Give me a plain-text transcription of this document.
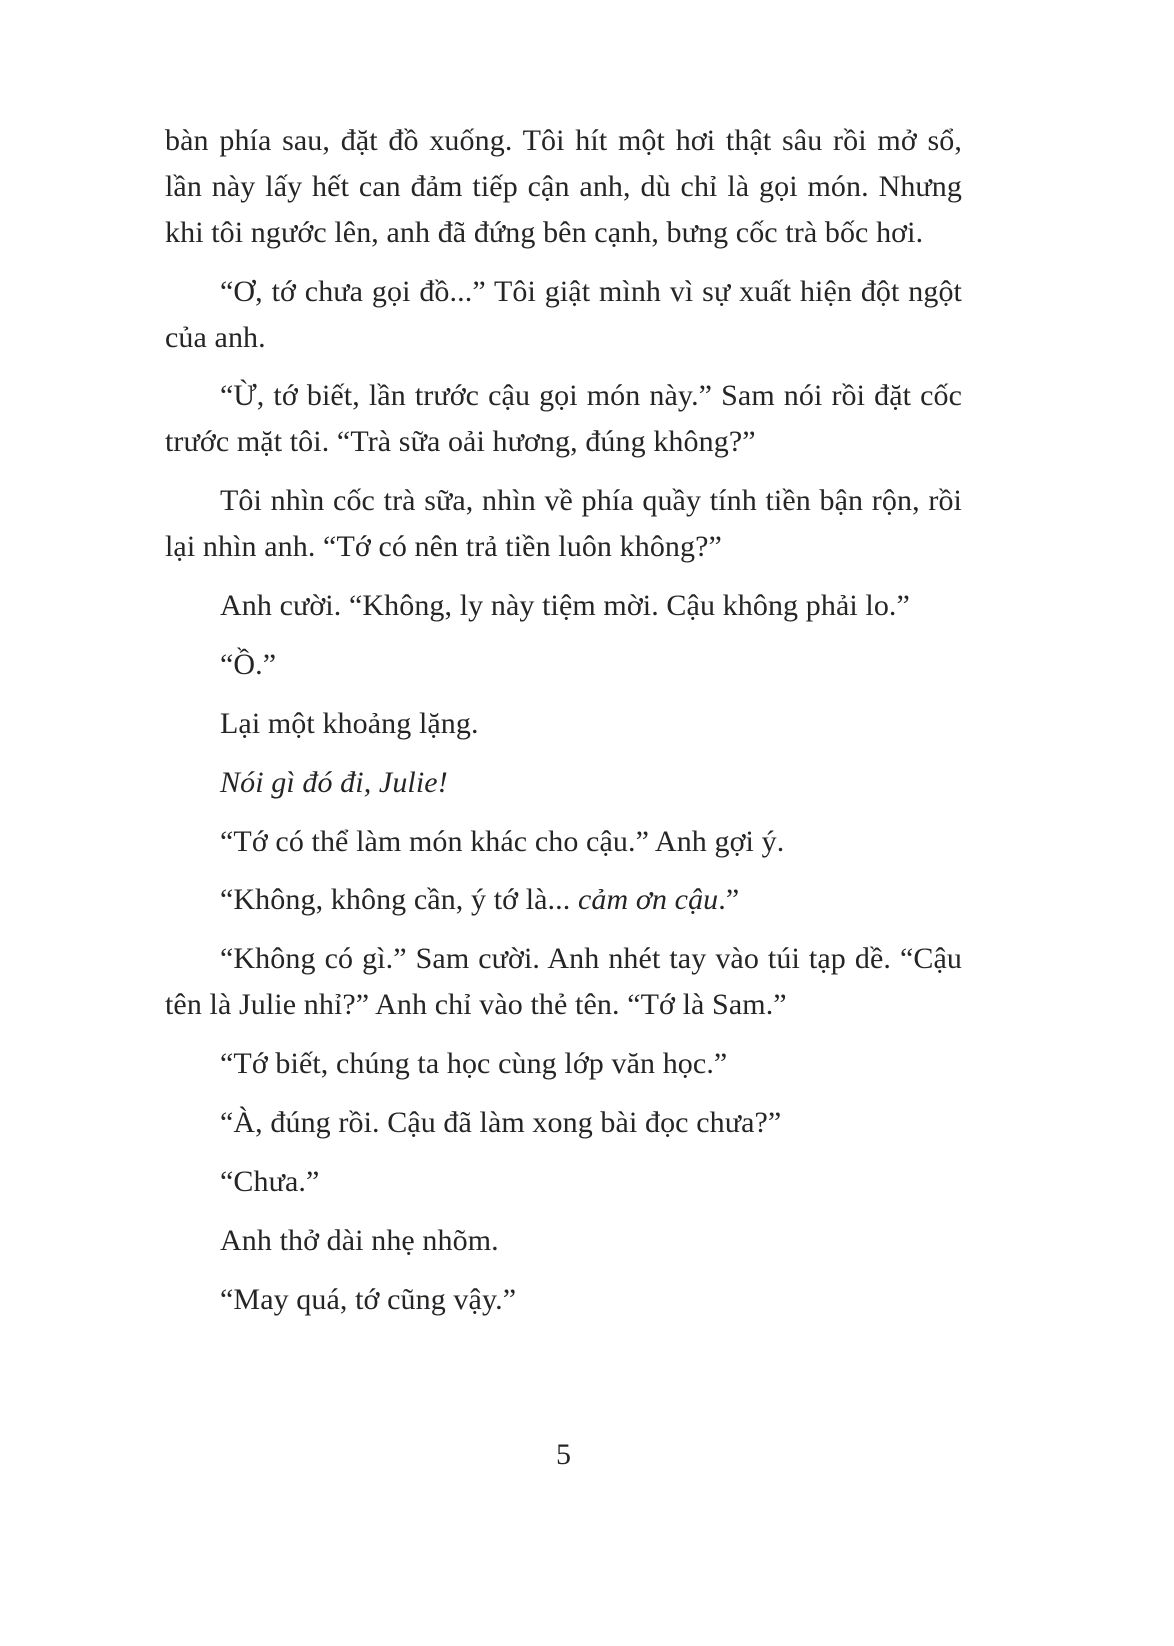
bàn phía sau, đặt đồ xuống. Tôi hít một hơi thật sâu rồi mở sổ, lần này lấy hết can đảm tiếp cận anh, dù chỉ là gọi món. Nhưng khi tôi ngước lên, anh đã đứng bên cạnh, bưng cốc trà bốc hơi.

“Ơ, tớ chưa gọi đồ...” Tôi giật mình vì sự xuất hiện đột ngột của anh.

“Ừ, tớ biết, lần trước cậu gọi món này.” Sam nói rồi đặt cốc trước mặt tôi. “Trà sữa oải hương, đúng không?”

Tôi nhìn cốc trà sữa, nhìn về phía quầy tính tiền bận rộn, rồi lại nhìn anh. “Tớ có nên trả tiền luôn không?”

Anh cười. “Không, ly này tiệm mời. Cậu không phải lo.”

“Ồ.”

Lại một khoảng lặng.

Nói gì đó đi, Julie!

“Tớ có thể làm món khác cho cậu.” Anh gợi ý.

“Không, không cần, ý tớ là... cảm ơn cậu.”

“Không có gì.” Sam cười. Anh nhét tay vào túi tạp dề. “Cậu tên là Julie nhỉ?” Anh chỉ vào thẻ tên. “Tớ là Sam.”

“Tớ biết, chúng ta học cùng lớp văn học.”

“À, đúng rồi. Cậu đã làm xong bài đọc chưa?”

“Chưa.”

Anh thở dài nhẹ nhõm.

“May quá, tớ cũng vậy.”

5
